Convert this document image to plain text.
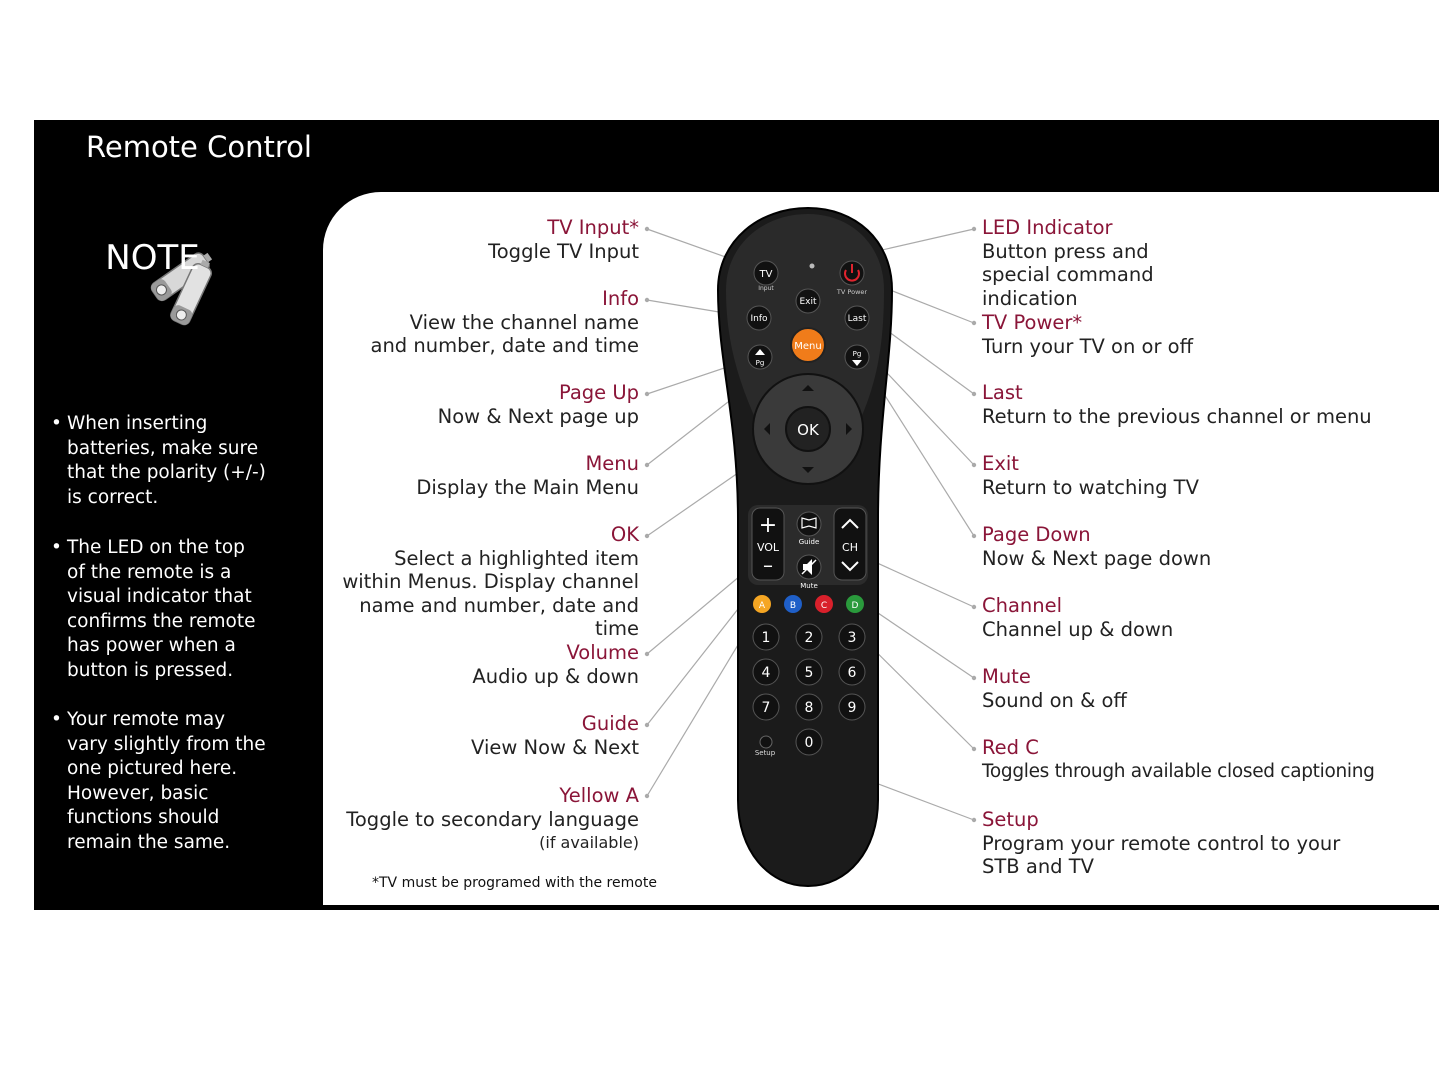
Remote Control
NOTE
• When inserting batteries, make sure that the polarity (+/-) is correct.
• The LED on the top of the remote is a visual indicator that confirms the remote has power when a button is pressed.
• Your remote may vary slightly from the one pictured here. However, basic functions should remain the same.
TV
Input	TV Power
Exit
Info	Last
Menu
Pg
Pg
OK
+
VOL
–
CH
Guide
Mute
A	B	C	D
1 2 3
4 5 6
7 8 9
0
Setup
TV Input*
Toggle TV Input
Info
View the channel name and number, date and time
Page Up
Now & Next page up
Menu
Display the Main Menu
OK
Select a highlighted item within Menus. Display channel name and number, date and time
Volume
Audio up & down
Guide
View Now & Next
Yellow A
Toggle to secondary language
(if available)
LED Indicator
Button press and special command indication
TV Power*
Turn your TV on or off
Last
Return to the previous channel or menu
Exit
Return to watching TV
Page Down
Now & Next page down
Channel
Channel up & down
Mute
Sound on & off
Red C
Toggles through available closed captioning
Setup
Program your remote control to your STB and TV
*TV must be programed with the remote
